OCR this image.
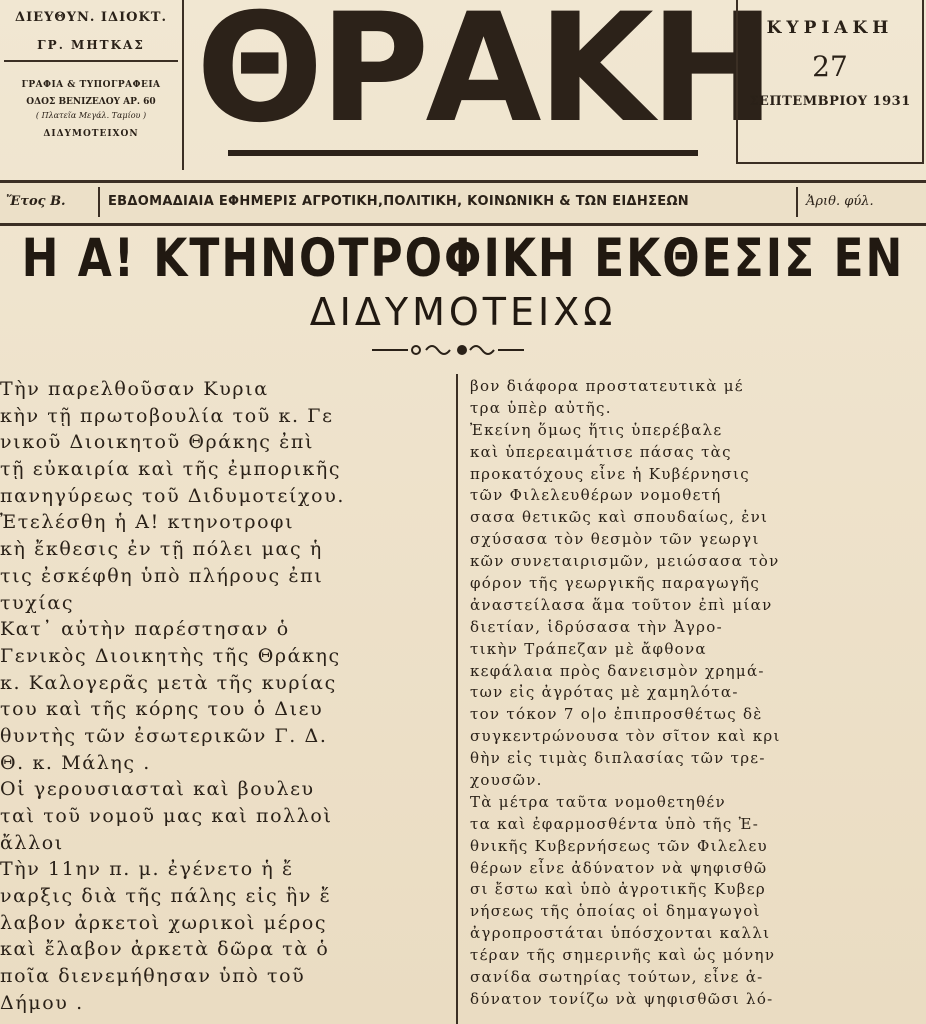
ΔΙΕΥΘΥΝ. ΙΔΙΟΚΤ.
ΓΡ. ΜΗΤΚΑΣ
ΓΡΑΦΙΑ & ΤΥΠΟΓΡΑΦΕΙΑ
ΟΔΟΣ ΒΕΝΙΖΕΛΟΥ ΑΡ. 60
( Πλατεῖα Μεγάλ. Ταμίου )
ΔΙΔΥΜΟΤΕΙΧΟΝ ΘΡΑΚΗ
ΚΥΡΙΑΚΗ
27
ΣΕΠΤΕΜΒΡΙΟΥ 1931
Ἔτος Β.	ΕΒΔΟΜΑΔΙΑΙΑ ΕΦΗΜΕΡΙΣ ΑΓΡΟΤΙΚΗ,ΠΟΛΙΤΙΚΗ, ΚΟΙΝΩΝΙΚΗ & ΤΩΝ ΕΙΔΗΣΕΩΝ	Ἀριθ. φύλ.
Η Α! ΚΤΗΝΟΤΡΟΦΙΚΗ ΕΚΘΕΣΙΣ ΕΝ
ΔΙΔΥΜΟΤΕΙΧΩ
Τὴν παρελθοῦσαν Κυρια
κὴν τῇ πρωτοβουλία τοῦ κ. Γε
νικοῦ Διοικητοῦ Θράκης ἐπὶ
τῇ εὐκαιρία καὶ τῆς ἐμπορικῆς
πανηγύρεως τοῦ Διδυμοτείχου.
Ἐτελέσθη ἡ Α! κτηνοτροφι
κὴ ἔκθεσις ἐν τῇ πόλει μας ἡ
τις ἐσκέφθη ὑπὸ πλήρους ἐπι
τυχίας
Κατ᾽ αὐτὴν παρέστησαν ὁ
Γενικὸς Διοικητὴς τῆς Θράκης
κ. Καλογερᾶς μετὰ τῆς κυρίας
του καὶ τῆς κόρης του ὁ Διευ
θυντὴς τῶν ἐσωτερικῶν Γ. Δ.
Θ. κ. Μάλης .
Οἱ γερουσιασταὶ καὶ βουλευ
ταὶ τοῦ νομοῦ μας καὶ πολλοὶ
ἄλλοι
Τὴν 11ην π. μ. ἐγένετο ἡ ἔ
ναρξις διὰ τῆς πάλης εἰς ἣν ἔ
λαβον ἀρκετοὶ χωρικοὶ μέρος
καὶ ἔλαβον ἀρκετὰ δῶρα τὰ ὁ
ποῖα διενεμήθησαν ὑπὸ τοῦ
Δήμου .
βον διάφορα προστατευτικὰ μέ
τρα ὑπὲρ αὐτῆς.
Ἐκείνη ὅμως ἥτις ὑπερέβαλε
καὶ ὑπερεαιμάτισε πάσας τὰς
προκατόχους εἶνε ἡ Κυβέρνησις
τῶν Φιλελευθέρων νομοθετή
σασα θετικῶς καὶ σπουδαίως, ἐνι
σχύσασα τὸν θεσμὸν τῶν γεωργι
κῶν συνεταιρισμῶν, μειώσασα τὸν
φόρον τῆς γεωργικῆς παραγωγῆς
ἀναστείλασα ἅμα τοῦτον ἐπὶ μίαν
διετίαν, ἱδρύσασα τὴν Ἀγρο-
τικὴν Τράπεζαν μὲ ἄφθονα
κεφάλαια πρὸς δανεισμὸν χρημά-
των εἰς ἀγρότας μὲ χαμηλότα-
τον τόκον 7 ο|ο ἐπιπροσθέτως δὲ
συγκεντρώνουσα τὸν σῖτον καὶ κρι
θὴν εἰς τιμὰς διπλασίας τῶν τρε-
χουσῶν.
Τὰ μέτρα ταῦτα νομοθετηθέν
τα καὶ ἐφαρμοσθέντα ὑπὸ τῆς Ἐ-
θνικῆς Κυβερνήσεως τῶν Φιλελευ
θέρων εἶνε ἀδύνατον νὰ ψηφισθῶ
σι ἔστω καὶ ὑπὸ ἀγροτικῆς Κυβερ
νήσεως τῆς ὁποίας οἱ δημαγωγοὶ
ἀγροπροστάται ὑπόσχονται καλλι
τέραν τῆς σημερινῆς καὶ ὡς μόνην
σανίδα σωτηρίας τούτων, εἶνε ἀ-
δύνατον τονίζω νὰ ψηφισθῶσι λό-
